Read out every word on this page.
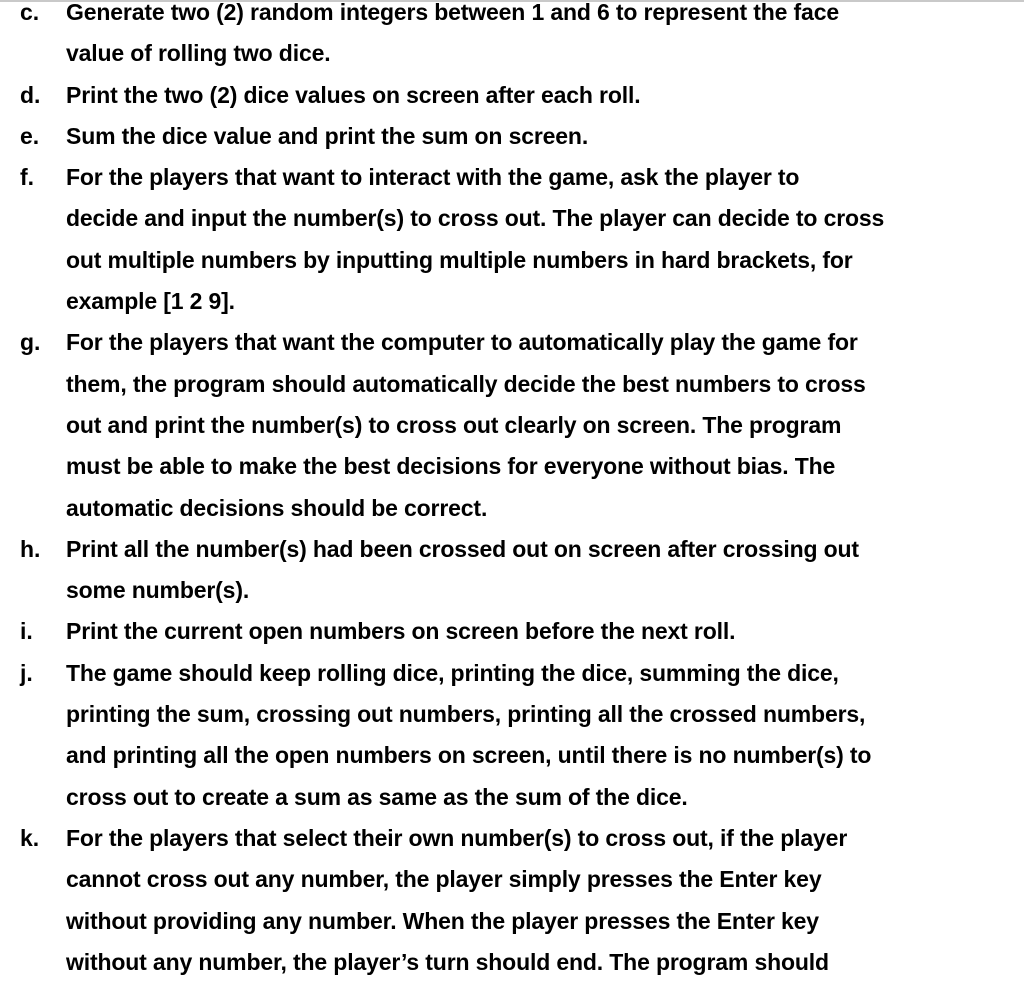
c. Generate two (2) random integers between 1 and 6 to represent the face
value of rolling two dice.
d. Print the two (2) dice values on screen after each roll.
e. Sum the dice value and print the sum on screen.
f. For the players that want to interact with the game, ask the player to
decide and input the number(s) to cross out. The player can decide to cross
out multiple numbers by inputting multiple numbers in hard brackets, for
example [1 2 9].
g. For the players that want the computer to automatically play the game for
them, the program should automatically decide the best numbers to cross
out and print the number(s) to cross out clearly on screen. The program
must be able to make the best decisions for everyone without bias. The
automatic decisions should be correct.
h. Print all the number(s) had been crossed out on screen after crossing out
some number(s).
i. Print the current open numbers on screen before the next roll.
j. The game should keep rolling dice, printing the dice, summing the dice,
printing the sum, crossing out numbers, printing all the crossed numbers,
and printing all the open numbers on screen, until there is no number(s) to
cross out to create a sum as same as the sum of the dice.
k. For the players that select their own number(s) to cross out, if the player
cannot cross out any number, the player simply presses the Enter key
without providing any number. When the player presses the Enter key
without any number, the player’s turn should end. The program should
